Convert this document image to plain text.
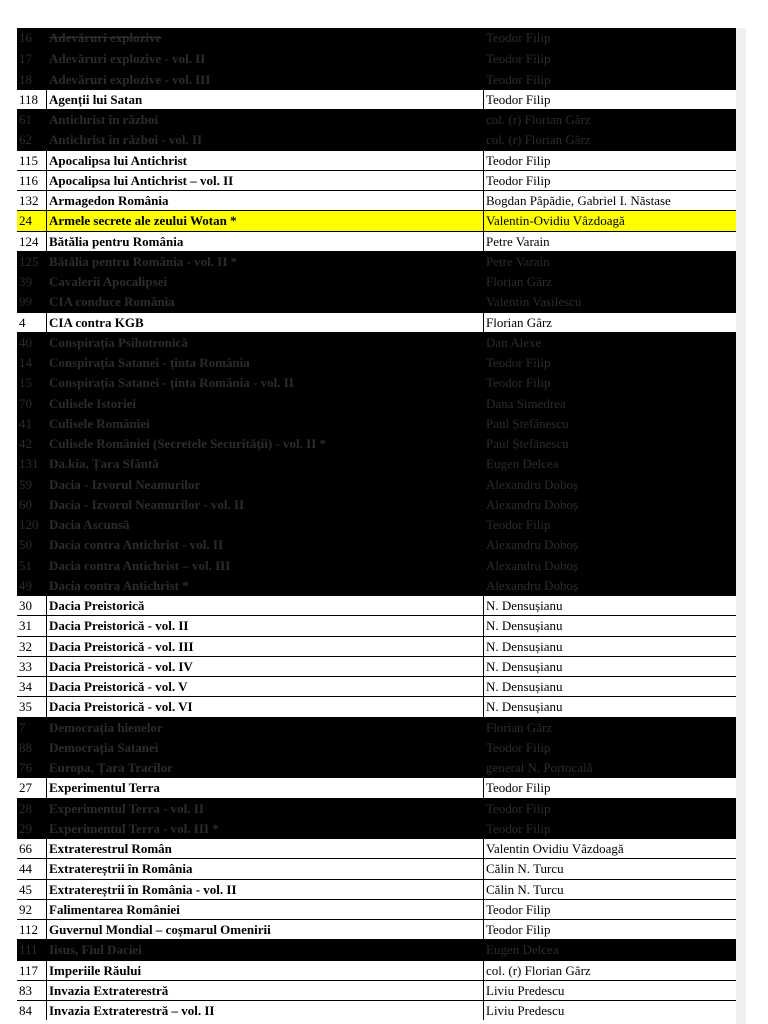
16	Adevăruri explozive	Teodor Filip
17	Adevăruri explozive - vol. II	Teodor Filip
18	Adevăruri explozive - vol. III	Teodor Filip
118 Agenții lui Satan	Teodor Filip
61	Antichrist în război	col. (r) Florian Gârz
62	Antichrist în război - vol. II	col. (r) Florian Gârz
115 Apocalipsa lui Antichrist	Teodor Filip
116 Apocalipsa lui Antichrist – vol. II	Teodor Filip
132 Armagedon România	Bogdan Pâpădie, Gabriel I. Năstase
24	Armele secrete ale zeului Wotan *	Valentin-Ovidiu Vâzdoagă
124 Bătălia pentru România	Petre Varain
125 Bătălia pentru România - vol. II *	Petre Varain
39	Cavalerii Apocalipsei	Florian Gârz
99	CIA conduce România	Valentin Vasilescu
4	CIA contra KGB	Florian Gârz
40	Conspirația Psihotronică	Dan Alexe
14	Conspirația Satanei - ținta România	Teodor Filip
15	Conspirația Satanei - ținta România - vol. II	Teodor Filip
70	Culisele Istoriei	Dana Simedrea
41	Culisele României	Paul Ștefănescu
42	Culisele României (Secretele Securității) - vol. II *	Paul Ștefănescu
131 Da.kia, Țara Sfântă	Eugen Delcea
59	Dacia - Izvorul Neamurilor	Alexandru Doboș
60	Dacia - Izvorul Neamurilor - vol. II	Alexandru Doboș
120 Dacia Ascunsă	Teodor Filip
50	Dacia contra Antichrist - vol. II	Alexandru Doboș
51	Dacia contra Antichrist – vol. III	Alexandru Doboș
49	Dacia contra Antichrist *	Alexandru Doboș
30	Dacia Preistorică	N. Densușianu
31	Dacia Preistorică - vol. II	N. Densușianu
32	Dacia Preistorică - vol. III	N. Densușianu
33	Dacia Preistorică - vol. IV	N. Densușianu
34	Dacia Preistorică - vol. V	N. Densușianu
35	Dacia Preistorică - vol. VI	N. Densușianu
7	Democrația hienelor	Florian Gârz
88	Democrația Satanei	Teodor Filip
76	Europa, Țara Tracilor	general N. Portocală
27	Experimentul Terra	Teodor Filip
28	Experimentul Terra - vol. II	Teodor Filip
29	Experimentul Terra - vol. III *	Teodor Filip
66	Extraterestrul Român	Valentin Ovidiu Vâzdoagă
44	Extratereștrii în România	Călin N. Turcu
45	Extratereștrii în România - vol. II	Călin N. Turcu
92	Falimentarea României	Teodor Filip
112 Guvernul Mondial – coșmarul Omenirii	Teodor Filip
111 Iisus, Fiul Daciei	Eugen Delcea
117 Imperiile Răului	col. (r) Florian Gârz
83	Invazia Extraterestră	Liviu Predescu
84	Invazia Extraterestră – vol. II	Liviu Predescu
